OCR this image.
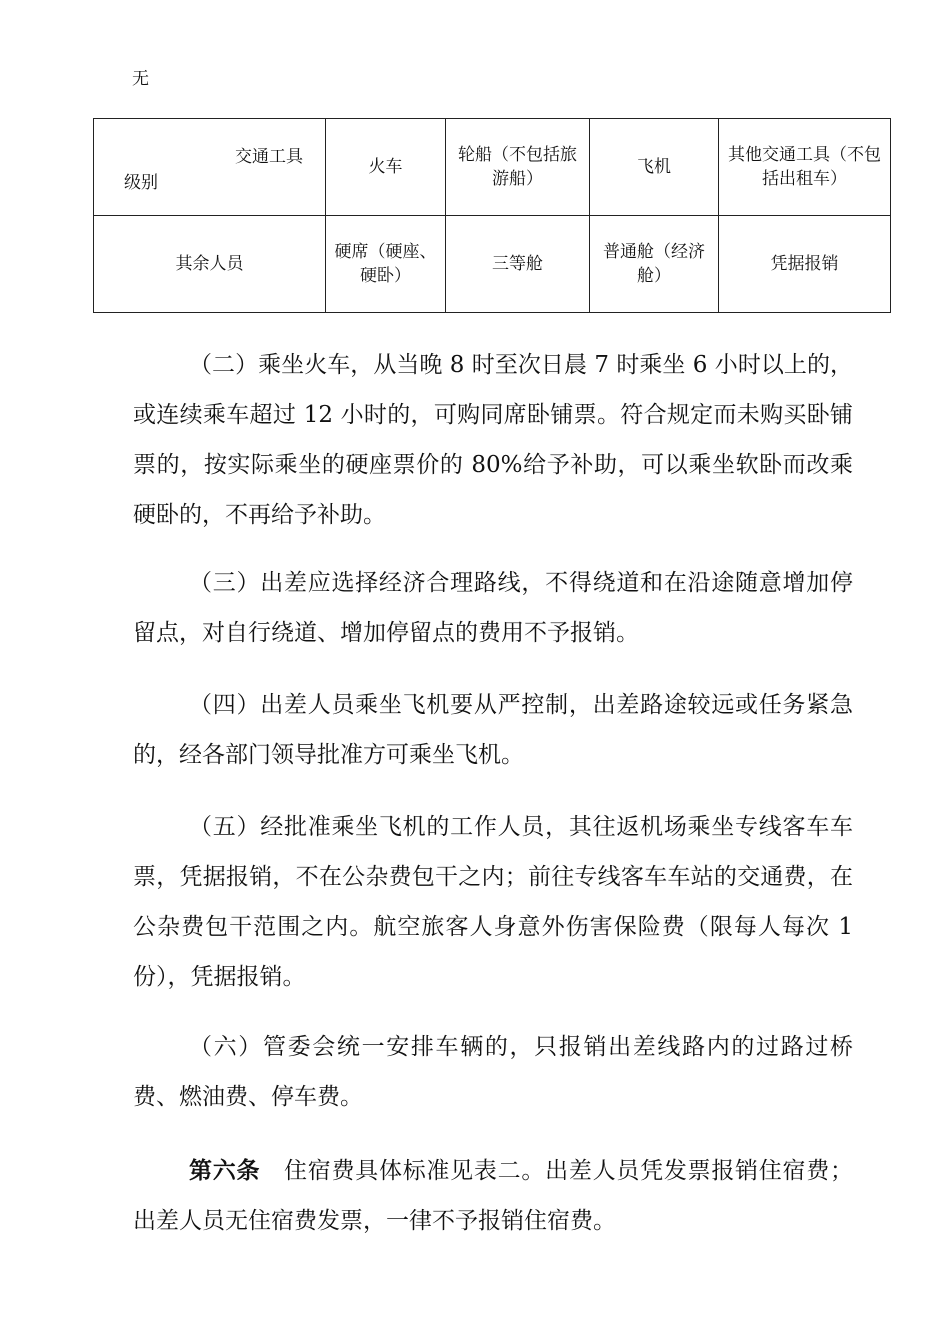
无
交通工具
级别	火车	轮船（不包括旅游船）	飞机	其他交通工具（不包括出租车）
其余人员	硬席（硬座、硬卧）	三等舱	普通舱（经济舱）	凭据报销

（二）乘坐火车，从当晚 8 时至次日晨 7 时乘坐 6 小时以上的，或连续乘车超过 12 小时的，可购同席卧铺票。符合规定而未购买卧铺票的，按实际乘坐的硬座票价的 80%给予补助，可以乘坐软卧而改乘硬卧的，不再给予补助。

（三）出差应选择经济合理路线，不得绕道和在沿途随意增加停留点，对自行绕道、增加停留点的费用不予报销。

（四）出差人员乘坐飞机要从严控制，出差路途较远或任务紧急的，经各部门领导批准方可乘坐飞机。

（五）经批准乘坐飞机的工作人员，其往返机场乘坐专线客车车票，凭据报销，不在公杂费包干之内；前往专线客车车站的交通费，在公杂费包干范围之内。航空旅客人身意外伤害保险费（限每人每次 1 份），凭据报销。

（六）管委会统一安排车辆的，只报销出差线路内的过路过桥费、燃油费、停车费。

第六条　 住宿费具体标准见表二。出差人员凭发票报销住宿费；出差人员无住宿费发票，一律不予报销住宿费。
